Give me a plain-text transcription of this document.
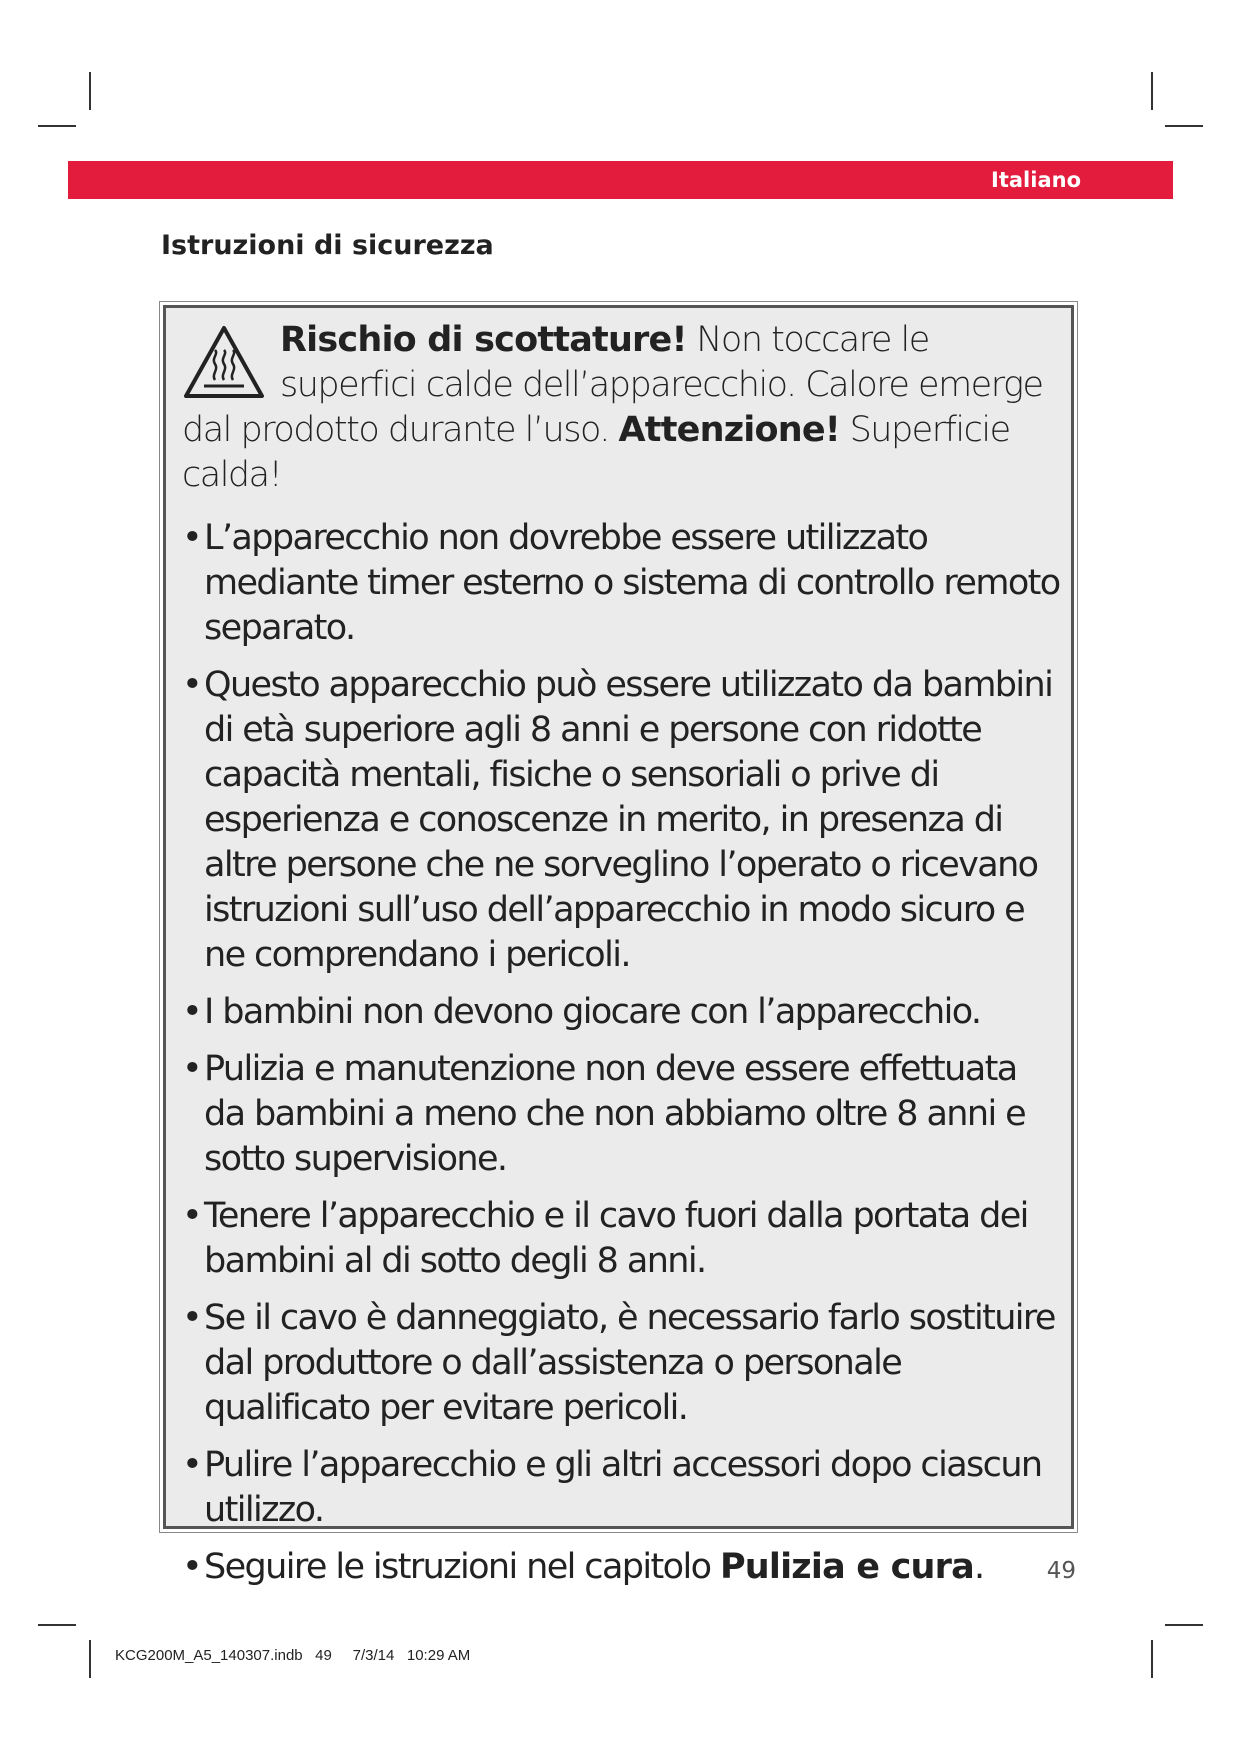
Italiano
Istruzioni di sicurezza

Rischio di scottature! Non toccare le superfici calde dell’apparecchio. Calore emerge dal prodotto durante l’uso. Attenzione! Superficie calda!

• L’apparecchio non dovrebbe essere utilizzato mediante timer esterno o sistema di controllo remoto separato.
• Questo apparecchio può essere utilizzato da bambini di età superiore agli 8 anni e persone con ridotte capacità mentali, fisiche o sensoriali o prive di esperienza e conoscenze in merito, in presenza di altre persone che ne sorveglino l’operato o ricevano istruzioni sull’uso dell’apparecchio in modo sicuro e ne comprendano i pericoli.
• I bambini non devono giocare con l’apparecchio.
• Pulizia e manutenzione non deve essere effettuata da bambini a meno che non abbiamo oltre 8 anni e sotto supervisione.
• Tenere l’apparecchio e il cavo fuori dalla portata dei bambini al di sotto degli 8 anni.
• Se il cavo è danneggiato, è necessario farlo sostituire dal produttore o dall’assistenza o personale qualificato per evitare pericoli.
• Pulire l’apparecchio e gli altri accessori dopo ciascun utilizzo.
• Seguire le istruzioni nel capitolo Pulizia e cura.	49
KCG200M_A5_140307.indb   49     7/3/14   10:29 AM
